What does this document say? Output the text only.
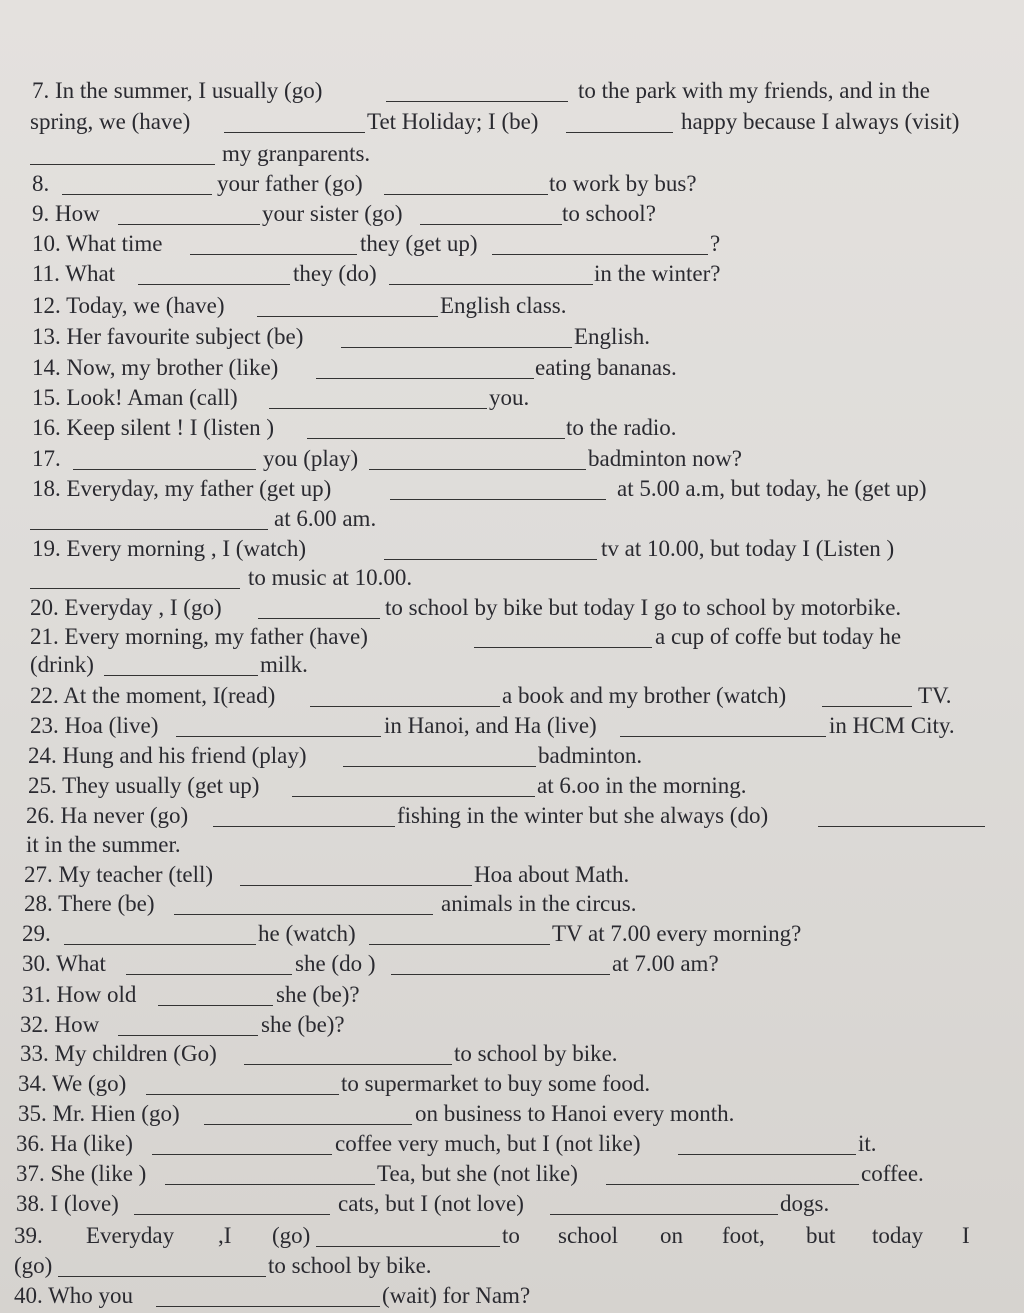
7. In the summer, I usually (go)	to the park with my friends, and in the
spring, we (have)	Tet Holiday; I (be)	happy because I always (visit)
my granparents.
8.	your father (go)	to work by bus?
9. How	your sister (go)	to school?
10. What time	they (get up)	?
11. What	they (do)	in the winter?
12. Today, we (have)	English class.
13. Her favourite subject (be)	English.
14. Now, my brother (like)	eating bananas.
15. Look! Aman (call)	you.
16. Keep silent ! I (listen )	to the radio.
17.	you (play)	badminton now?
18. Everyday, my father (get up)	at 5.00 a.m, but today, he (get up)
at 6.00 am.
19. Every morning , I (watch)	tv at 10.00, but today I (Listen )
to music at 10.00.
20. Everyday , I (go)	to school by bike but today I go to school by motorbike.
21. Every morning, my father (have)	a cup of coffe but today he
(drink)	milk.
22. At the moment, I(read)	a book and my brother (watch)	TV.
23. Hoa (live)	in Hanoi, and Ha (live)	in HCM City.
24. Hung and his friend (play)	badminton.
25. They usually (get up)	at 6.oo in the morning.
26. Ha never (go)	fishing in the winter but she always (do)
it in the summer.
27. My teacher (tell)	Hoa about Math.
28. There (be)	animals in the circus.
29.	he (watch)	TV at 7.00 every morning?
30. What	she (do )	at 7.00 am?
31. How old	she (be)?
32. How	she (be)?
33. My children (Go)	to school by bike.
34. We (go)	to supermarket to buy some food.
35. Mr. Hien (go)	on business to Hanoi every month.
36. Ha (like)	coffee very much, but I (not like)	it.
37. She (like )	Tea, but she (not like)	coffee.
38. I (love)	cats, but I (not love)	dogs.
39. Everyday ,I (go)	to school on foot, but today I
(go)	to school by bike.
40. Who you	(wait) for Nam?
